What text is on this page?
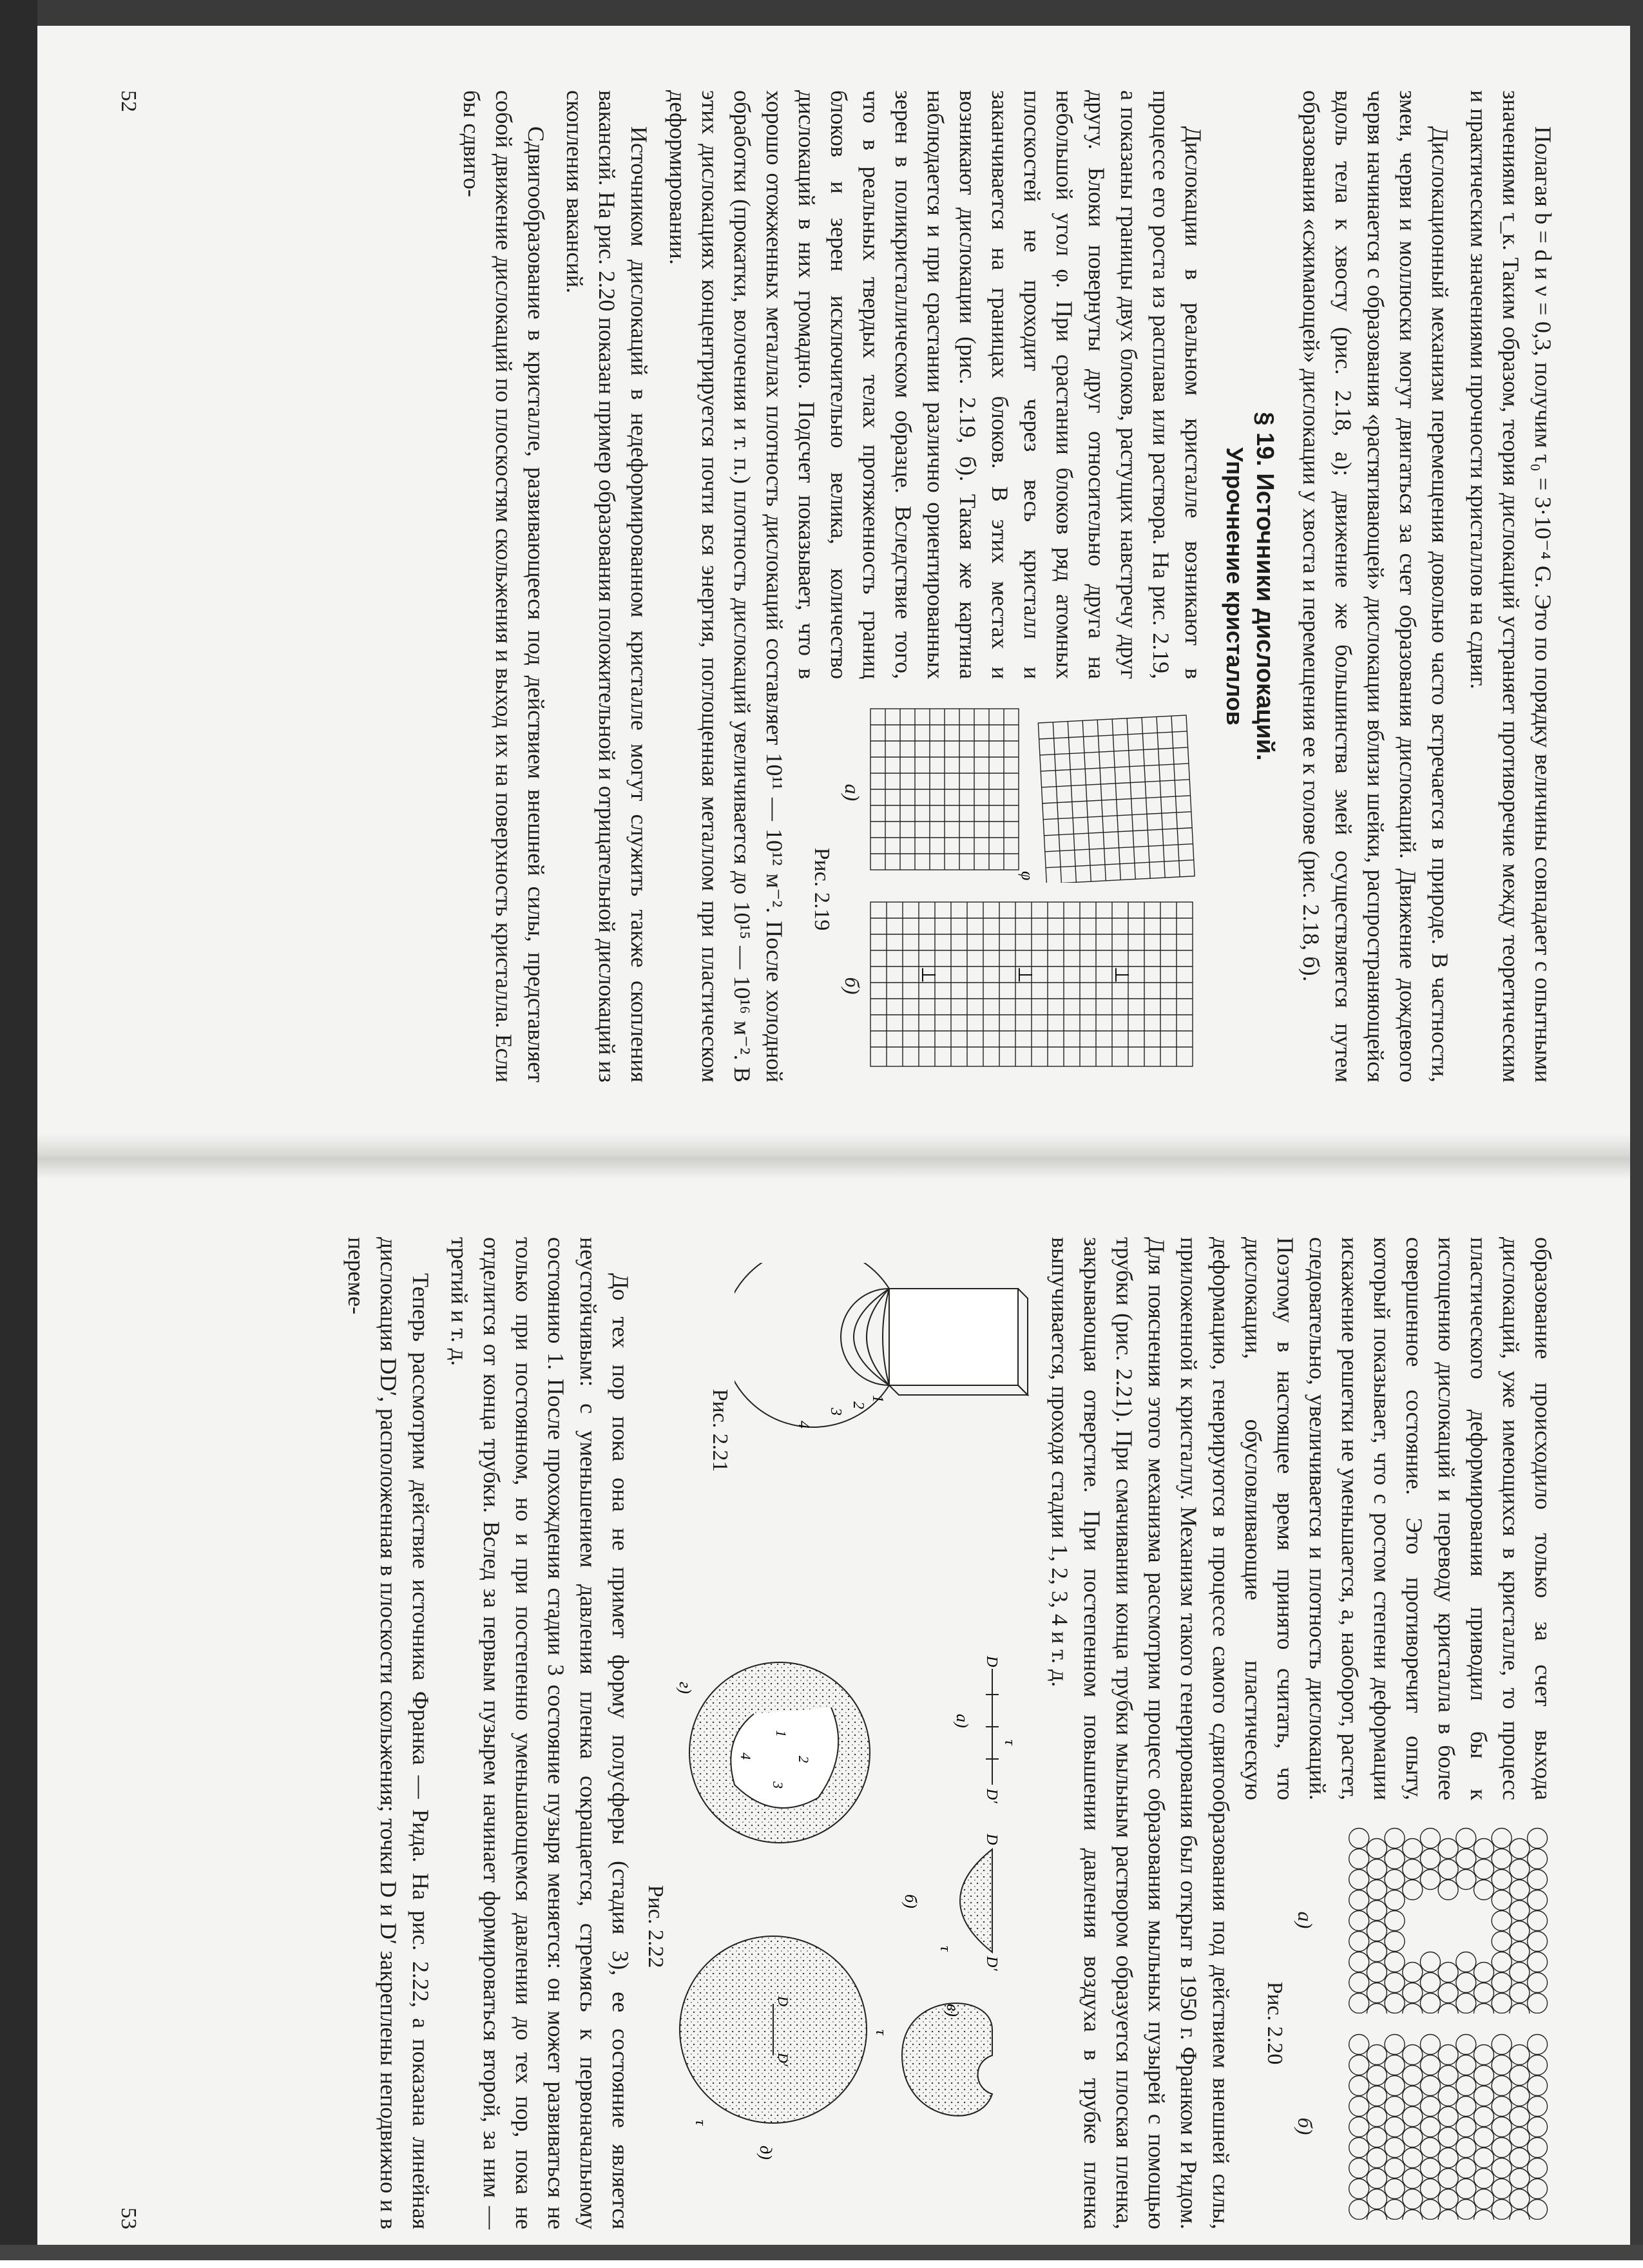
Полагая b = d и ν = 0,3, получим τ₀ = 3·10⁻⁴ G. Это по порядку величины совпадает с опытными значениями τ_к. Таким образом, теория дислокаций устраняет противоречие между теоретическим и практическим значениями прочности кристаллов на сдвиг.

Дислокационный механизм перемещения довольно часто встречается в природе. В частности, змеи, черви и моллюски могут двигаться за счет образования дислокаций. Движение дождевого червя начинается с образования «растягивающей» дислокации вблизи шейки, распространяющейся вдоль тела к хвосту (рис. 2.18, а); движение же большинства змей осуществляется путем образования «сжимающей» дислокации у хвоста и перемещения ее к голове (рис. 2.18, б).

§ 19. Источники дислокаций.
Упрочнение кристаллов
φ
а)
⊥
⊥
⊥
б)
Рис. 2.19

Дислокации в реальном кристалле возникают в процессе его роста из расплава или раствора. На рис. 2.19, а показаны границы двух блоков, растущих навстречу друг другу. Блоки повернуты друг относительно друга на небольшой угол φ. При срастании блоков ряд атомных плоскостей не проходит через весь кристалл и заканчивается на границах блоков. В этих местах и возникают дислокации (рис. 2.19, б). Такая же картина наблюдается и при срастании различно ориентированных зерен в поликристаллическом образце. Вследствие того, что в реальных твердых телах протяженность границ блоков и зерен исключительно велика, количество дислокаций в них громадно. Подсчет показывает, что в хорошо отожженных металлах плотность дислокаций составляет 10¹¹ — 10¹² м⁻². После холодной обработки (прокатки, волочения и т. п.) плотность дислокаций увеличивается до 10¹⁵ — 10¹⁶ м⁻². В этих дислокациях концентрируется почти вся энергия, поглощенная металлом при пластическом деформировании.

Источником дислокаций в недеформированном кристалле могут служить также скопления вакансий. На рис. 2.20 показан пример образования положительной и отрицательной дислокаций из скопления вакансий.

Сдвигообразование в кристалле, развивающееся под действием внешней силы, представляет собой движение дислокаций по плоскостям скольжения и выход их на поверхность кристалла. Если бы сдвиго-

52
а)
б)
Рис. 2.20

образование происходило только за счет выхода дислокаций, уже имеющихся в кристалле, то процесс пластического деформирования приводил бы к истощению дислокаций и переводу кристалла в более совершенное состояние. Это противоречит опыту, который показывает, что с ростом степени деформации искажение решетки не уменьшается, а, наоборот, растет, следовательно, увеличивается и плотность дислокаций. Поэтому в настоящее время принято считать, что дислокации, обусловливающие пластическую деформацию, генерируются в процессе самого сдвигообразования под действием внешней силы, приложенной к кристаллу. Механизм такого генерирования был открыт в 1950 г. Франком и Ридом. Для пояснения этого механизма рассмотрим процесс образования мыльных пузырей с помощью трубки (рис. 2.21). При смачивании конца трубки мыльным раствором образуется плоская пленка, закрывающая отверстие. При постепенном повышении давления воздуха в трубке пленка выпучивается, проходя стадии 1, 2, 3, 4 и т. д.

1
2
3
4
Рис. 2.21
D
D′
τ
а)
D
D′
τ
б)
τ
в)
1
2
3
4
г)
D
D′
τ
д)
Рис. 2.22

До тех пор пока она не примет форму полусферы (стадия 3), ее состояние является неустойчивым: с уменьшением давления пленка сокращается, стремясь к первоначальному состоянию 1. После прохождения стадии 3 состояние пузыря меняется: он может развиваться не только при постоянном, но и при постепенно уменьшающемся давлении до тех пор, пока не отделится от конца трубки. Вслед за первым пузырем начинает формироваться второй, за ним — третий и т. д.

Теперь рассмотрим действие источника Франка — Рида. На рис. 2.22, а показана линейная дислокация DD′, расположенная в плоскости скольжения; точки D и D′ закреплены неподвижно и в переме-

53
